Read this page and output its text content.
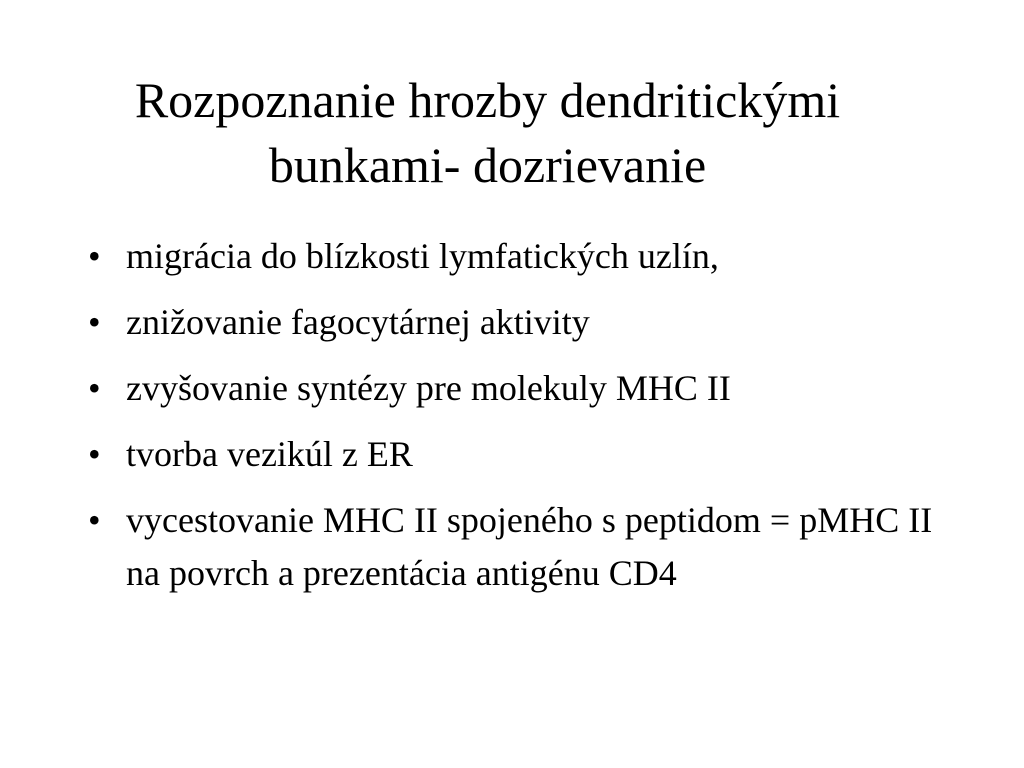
Rozpoznanie hrozby dendritickými
bunkami- dozrievanie
• migrácia do blízkosti lymfatických uzlín,
• znižovanie fagocytárnej aktivity
• zvyšovanie syntézy pre molekuly MHC II
• tvorba vezikúl z ER
• vycestovanie MHC II spojeného s peptidom = pMHC II na povrch a prezentácia antigénu CD4
